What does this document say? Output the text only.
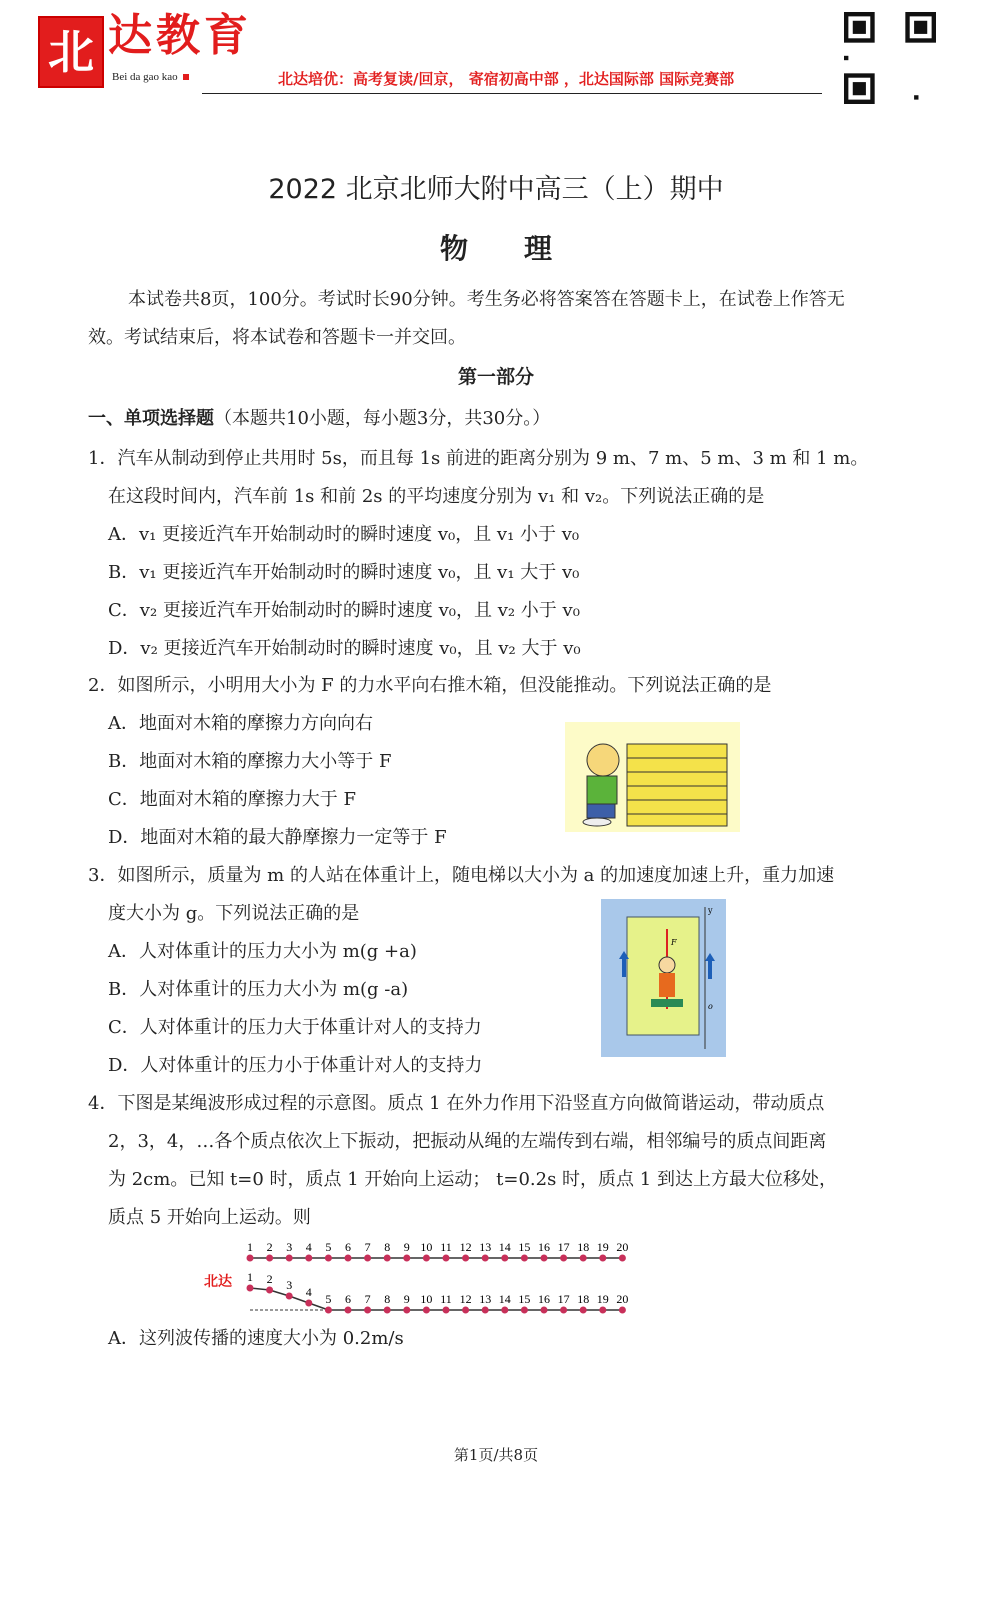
北 达教育
Bei da gao kao	北达培优：高考复读/回京， 寄宿初高中部 ，北达国际部 国际竞赛部
2022 北京北师大附中高三（上）期中
物　　理
本试卷共8页，100分。考试时长90分钟。考生务必将答案答在答题卡上，在试卷上作答无
效。考试结束后，将本试卷和答题卡一并交回。
第一部分
一、单项选择题（本题共10小题，每小题3分，共30分。）
1．汽车从制动到停止共用时 5s，而且每 1s 前进的距离分别为 9 m、7 m、5 m、3 m 和 1 m。
在这段时间内，汽车前 1s 和前 2s 的平均速度分别为 v₁ 和 v₂。下列说法正确的是
A．v₁ 更接近汽车开始制动时的瞬时速度 v₀，且 v₁ 小于 v₀
B．v₁ 更接近汽车开始制动时的瞬时速度 v₀，且 v₁ 大于 v₀
C．v₂ 更接近汽车开始制动时的瞬时速度 v₀，且 v₂ 小于 v₀
D．v₂ 更接近汽车开始制动时的瞬时速度 v₀，且 v₂ 大于 v₀
2．如图所示，小明用大小为 F 的力水平向右推木箱，但没能推动。下列说法正确的是
A．地面对木箱的摩擦力方向向右
B．地面对木箱的摩擦力大小等于 F
C．地面对木箱的摩擦力大于 F
D．地面对木箱的最大静摩擦力一定等于 F
3．如图所示，质量为 m 的人站在体重计上，随电梯以大小为 a 的加速度加速上升，重力加速
度大小为 g。下列说法正确的是
A．人对体重计的压力大小为 m(g +a)
B．人对体重计的压力大小为 m(g -a)
C．人对体重计的压力大于体重计对人的支持力
D．人对体重计的压力小于体重计对人的支持力
y
o
F
4．下图是某绳波形成过程的示意图。质点 1 在外力作用下沿竖直方向做简谐运动，带动质点
2，3，4，…各个质点依次上下振动，把振动从绳的左端传到右端，相邻编号的质点间距离
为 2cm。已知 t=0 时，质点 1 开始向上运动； t=0.2s 时，质点 1 到达上方最大位移处，
质点 5 开始向上运动。则
北达
1 2 3 4 5 6 7 8 9 10 11 12 13 14 15 16 17 18 19 20
1 2 3 4 5 6 7 8 9 10 11 12 13 14 15 16 17 18 19 20
A．这列波传播的速度大小为 0.2m/s
第1页/共8页
